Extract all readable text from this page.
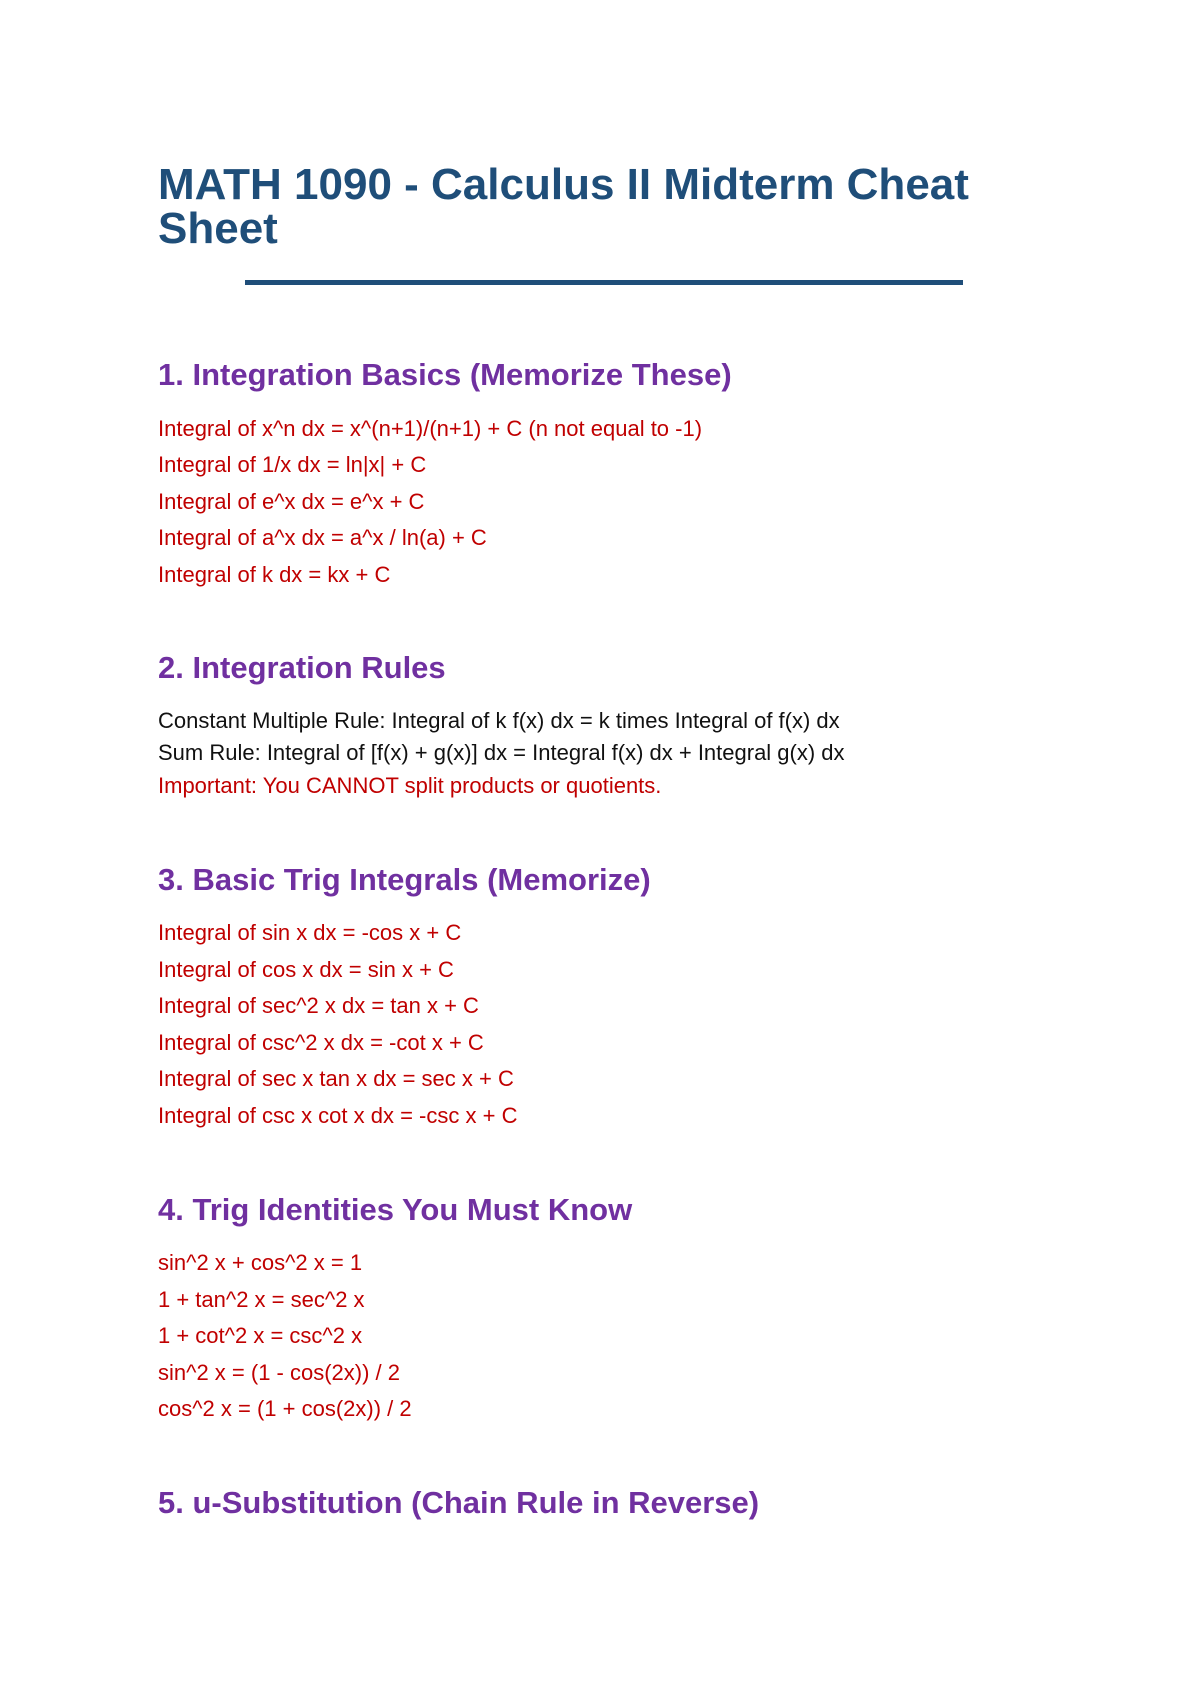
MATH 1090 - Calculus II Midterm Cheat Sheet
1. Integration Basics (Memorize These)

Integral of x^n dx = x^(n+1)/(n+1) + C (n not equal to -1)

Integral of 1/x dx = ln|x| + C

Integral of e^x dx = e^x + C

Integral of a^x dx = a^x / ln(a) + C

Integral of k dx = kx + C

2. Integration Rules

Constant Multiple Rule: Integral of k f(x) dx = k times Integral of f(x) dx

Sum Rule: Integral of [f(x) + g(x)] dx = Integral f(x) dx + Integral g(x) dx

Important: You CANNOT split products or quotients.

3. Basic Trig Integrals (Memorize)

Integral of sin x dx = -cos x + C

Integral of cos x dx = sin x + C

Integral of sec^2 x dx = tan x + C

Integral of csc^2 x dx = -cot x + C

Integral of sec x tan x dx = sec x + C

Integral of csc x cot x dx = -csc x + C

4. Trig Identities You Must Know

sin^2 x + cos^2 x = 1

1 + tan^2 x = sec^2 x

1 + cot^2 x = csc^2 x

sin^2 x = (1 - cos(2x)) / 2

cos^2 x = (1 + cos(2x)) / 2

5. u-Substitution (Chain Rule in Reverse)
